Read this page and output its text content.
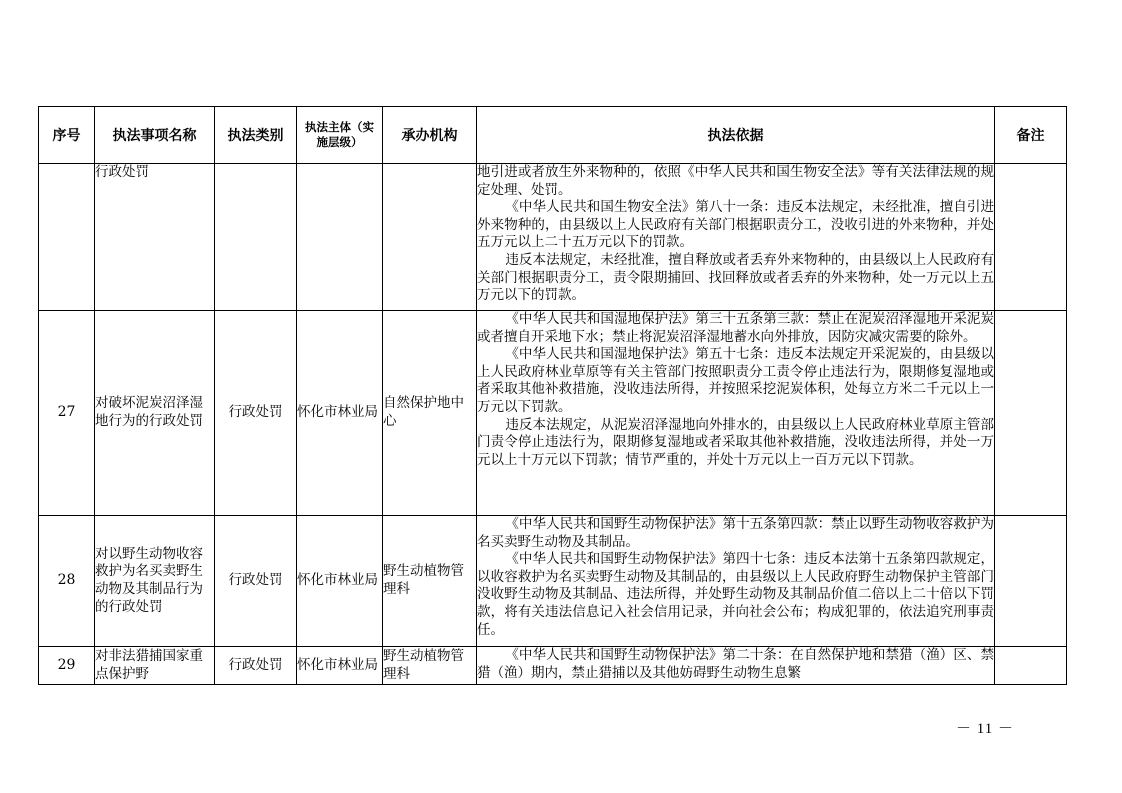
序号	执法事项名称	执法类别	执法主体（实施层级）	承办机构	执法依据	备注
	行政处罚				地引进或者放生外来物种的，依照《中华人民共和国生物安全法》等有关法律法规的规定处理、处罚。

《中华人民共和国生物安全法》第八十一条：违反本法规定，未经批准，擅自引进外来物种的，由县级以上人民政府有关部门根据职责分工，没收引进的外来物种，并处五万元以上二十五万元以下的罚款。

违反本法规定，未经批准，擅自释放或者丢弃外来物种的，由县级以上人民政府有关部门根据职责分工，责令限期捕回、找回释放或者丢弃的外来物种，处一万元以上五万元以下的罚款。	

27	对破坏泥炭沼泽湿地行为的行政处罚	行政处罚	怀化市林业局	自然保护地中心	《中华人民共和国湿地保护法》第三十五条第三款：禁止在泥炭沼泽湿地开采泥炭或者擅自开采地下水；禁止将泥炭沼泽湿地蓄水向外排放，因防灾减灾需要的除外。

《中华人民共和国湿地保护法》第五十七条：违反本法规定开采泥炭的，由县级以上人民政府林业草原等有关主管部门按照职责分工责令停止违法行为，限期修复湿地或者采取其他补救措施，没收违法所得，并按照采挖泥炭体积，处每立方米二千元以上一万元以下罚款。

违反本法规定，从泥炭沼泽湿地向外排水的，由县级以上人民政府林业草原主管部门责令停止违法行为，限期修复湿地或者采取其他补救措施，没收违法所得，并处一万元以上十万元以下罚款；情节严重的，并处十万元以上一百万元以下罚款。	

28	对以野生动物收容救护为名买卖野生动物及其制品行为的行政处罚	行政处罚	怀化市林业局	野生动植物管理科	《中华人民共和国野生动物保护法》第十五条第四款：禁止以野生动物收容救护为名买卖野生动物及其制品。

《中华人民共和国野生动物保护法》第四十七条：违反本法第十五条第四款规定，以收容救护为名买卖野生动物及其制品的，由县级以上人民政府野生动物保护主管部门没收野生动物及其制品、违法所得，并处野生动物及其制品价值二倍以上二十倍以下罚款，将有关违法信息记入社会信用记录，并向社会公布；构成犯罪的，依法追究刑事责任。	

29	对非法猎捕国家重点保护野	行政处罚	怀化市林业局	野生动植物管理科	《中华人民共和国野生动物保护法》第二十条：在自然保护地和禁猎（渔）区、禁猎（渔）期内，禁止猎捕以及其他妨碍野生动物生息繁	

－ 11 －
